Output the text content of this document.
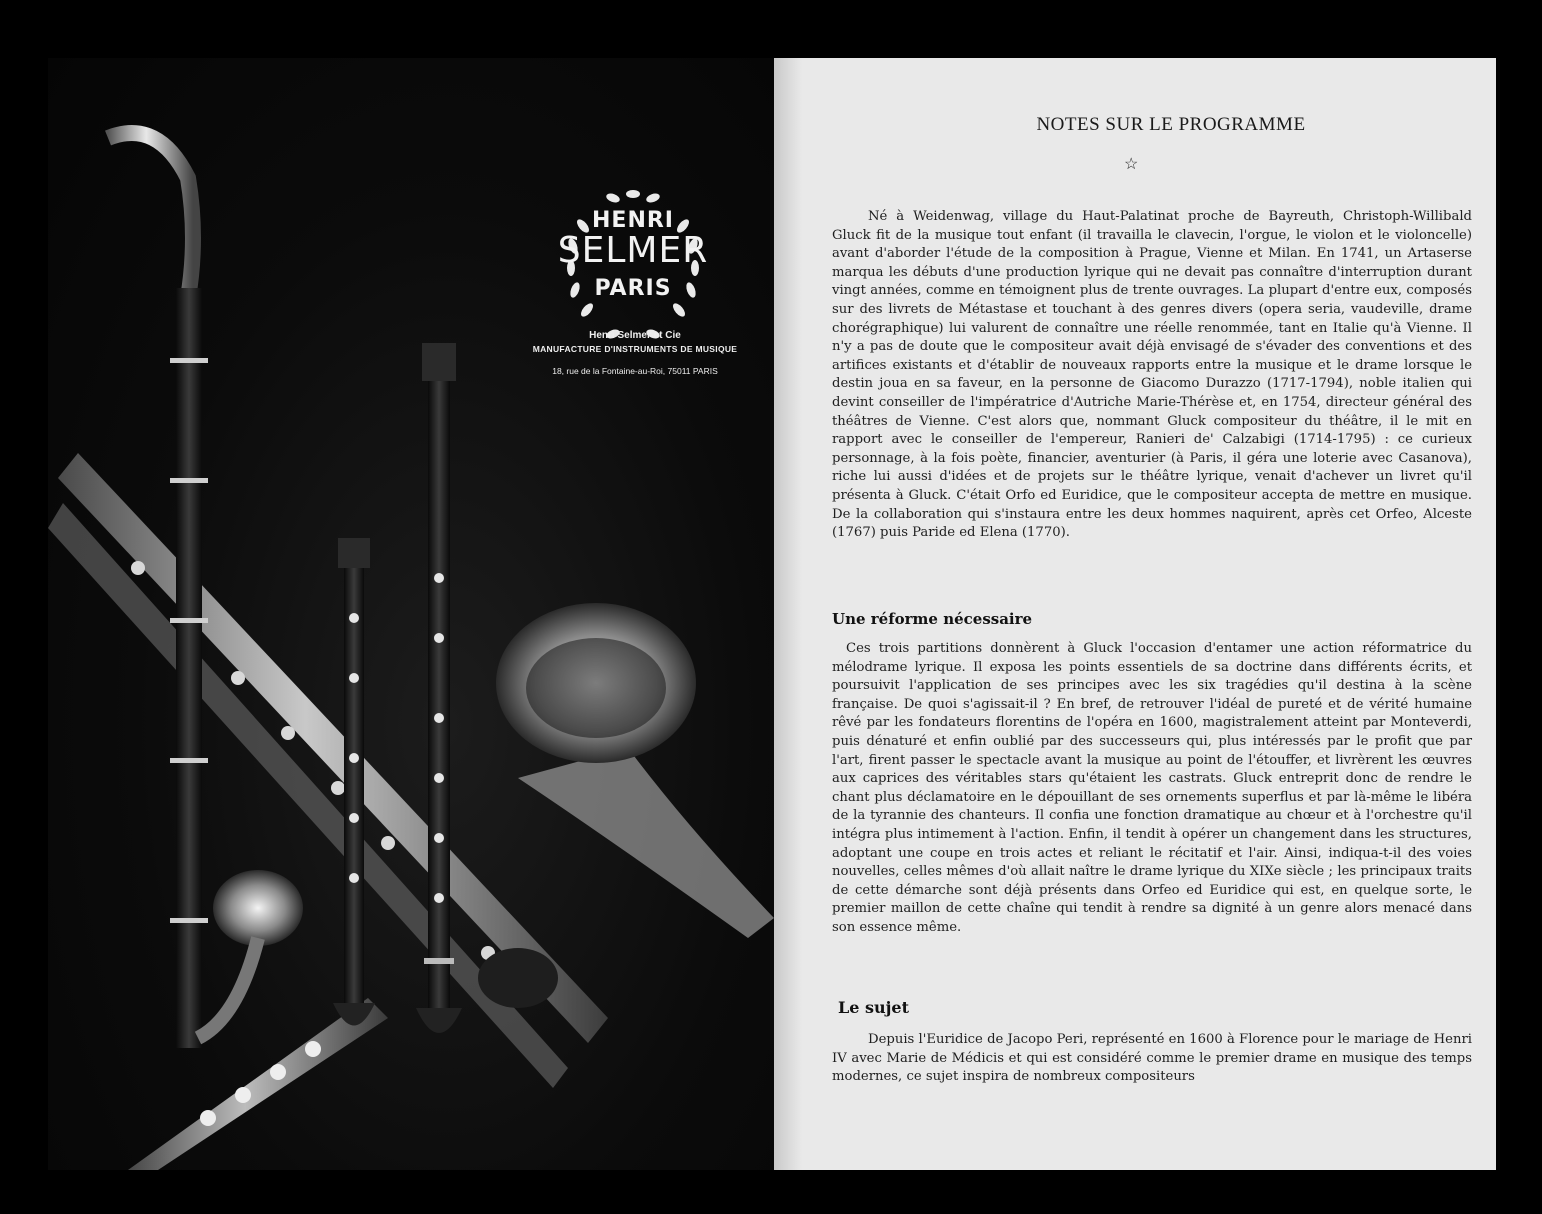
HENRI
SELMER
PARIS
Henri Selmer et Cie
MANUFACTURE D'INSTRUMENTS DE MUSIQUE
18, rue de la Fontaine-au-Roi, 75011 PARIS
NOTES SUR LE PROGRAMME
☆

Né à Weidenwag, village du Haut-Palatinat proche de Bayreuth, Christoph-Willibald Gluck fit de la musique tout enfant (il travailla le clavecin, l'orgue, le violon et le violoncelle) avant d'aborder l'étude de la composition à Prague, Vienne et Milan. En 1741, un Artaserse marqua les débuts d'une production lyrique qui ne devait pas connaître d'interruption durant vingt années, comme en témoignent plus de trente ouvrages. La plupart d'entre eux, composés sur des livrets de Métastase et touchant à des genres divers (opera seria, vaudeville, drame chorégraphique) lui valurent de connaître une réelle renommée, tant en Italie qu'à Vienne. Il n'y a pas de doute que le compositeur avait déjà envisagé de s'évader des conventions et des artifices existants et d'établir de nouveaux rapports entre la musique et le drame lorsque le destin joua en sa faveur, en la personne de Giacomo Durazzo (1717-1794), noble italien qui devint conseiller de l'impératrice d'Autriche Marie-Thérèse et, en 1754, directeur général des théâtres de Vienne. C'est alors que, nommant Gluck compositeur du théâtre, il le mit en rapport avec le conseiller de l'empereur, Ranieri de' Calzabigi (1714-1795) : ce curieux personnage, à la fois poète, financier, aventurier (à Paris, il géra une loterie avec Casanova), riche lui aussi d'idées et de projets sur le théâtre lyrique, venait d'achever un livret qu'il présenta à Gluck. C'était Orfo ed Euridice, que le compositeur accepta de mettre en musique. De la collaboration qui s'instaura entre les deux hommes naquirent, après cet Orfeo, Alceste (1767) puis Paride ed Elena (1770).

Une réforme nécessaire

Ces trois partitions donnèrent à Gluck l'occasion d'entamer une action réformatrice du mélodrame lyrique. Il exposa les points essentiels de sa doctrine dans différents écrits, et poursuivit l'application de ses principes avec les six tragédies qu'il destina à la scène française. De quoi s'agissait-il ? En bref, de retrouver l'idéal de pureté et de vérité humaine rêvé par les fondateurs florentins de l'opéra en 1600, magistralement atteint par Monteverdi, puis dénaturé et enfin oublié par des successeurs qui, plus intéressés par le profit que par l'art, firent passer le spectacle avant la musique au point de l'étouffer, et livrèrent les œuvres aux caprices des véritables stars qu'étaient les castrats. Gluck entreprit donc de rendre le chant plus déclamatoire en le dépouillant de ses ornements superflus et par là-même le libéra de la tyrannie des chanteurs. Il confia une fonction dramatique au chœur et à l'orchestre qu'il intégra plus intimement à l'action. Enfin, il tendit à opérer un changement dans les structures, adoptant une coupe en trois actes et reliant le récitatif et l'air. Ainsi, indiqua-t-il des voies nouvelles, celles mêmes d'où allait naître le drame lyrique du XIXe siècle ; les principaux traits de cette démarche sont déjà présents dans Orfeo ed Euridice qui est, en quelque sorte, le premier maillon de cette chaîne qui tendit à rendre sa dignité à un genre alors menacé dans son essence même.

Le sujet

Depuis l'Euridice de Jacopo Peri, représenté en 1600 à Florence pour le mariage de Henri IV avec Marie de Médicis et qui est considéré comme le premier drame en musique des temps modernes, ce sujet inspira de nombreux compositeurs
